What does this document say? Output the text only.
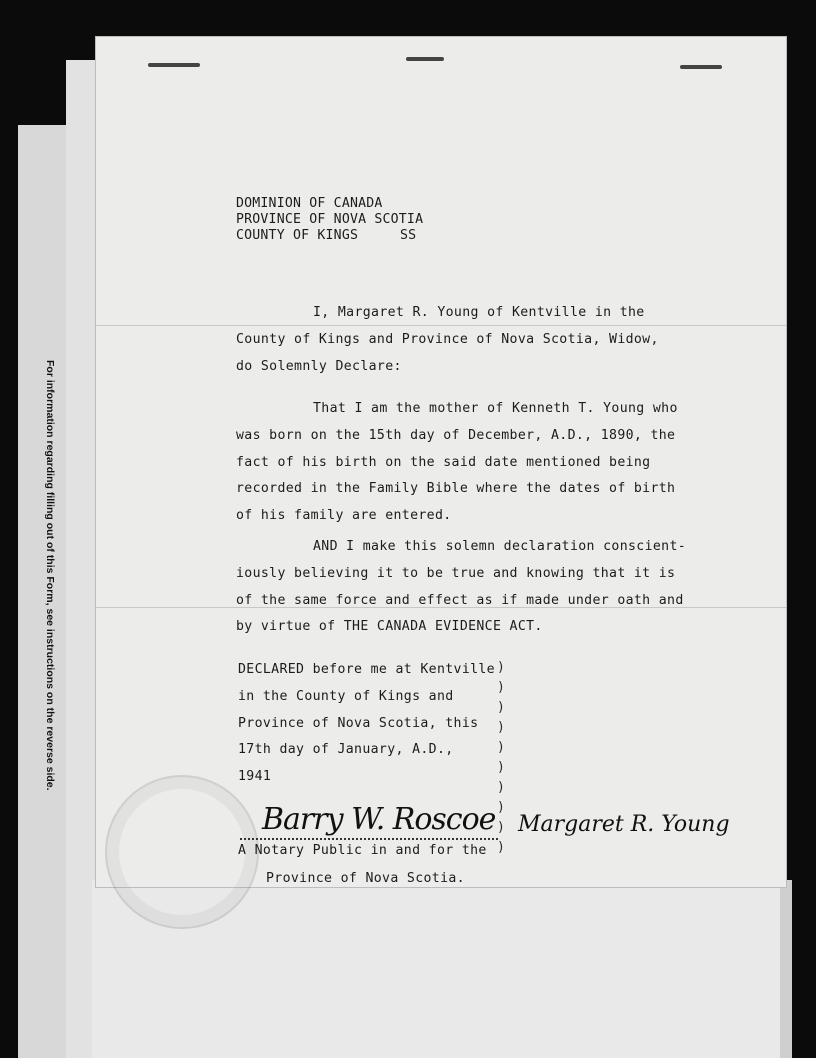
For information regarding filling out of this Form, see instructions on the reverse side.
DOMINION OF CANADA
PROVINCE OF NOVA SCOTIA
COUNTY OF KINGS	SS
I, Margaret R. Young of Kentville in the
County of Kings and Province of Nova Scotia, Widow,
do Solemnly Declare:
That I am the mother of Kenneth T. Young who
was born on the 15th day of December, A.D., 1890, the
fact of his birth on the said date mentioned being
recorded in the Family Bible where the dates of birth
of his family are entered.
AND I make this solemn declaration conscient-
iously believing it to be true and knowing that it is
of the same force and effect as if made under oath and
by virtue of THE CANADA EVIDENCE ACT.
DECLARED before me at Kentville
in the County of Kings and
Province of Nova Scotia, this
17th day of January, A.D.,
1941
)
)
)
)
)
)
)
)
)
)
Barry W. Roscoe Margaret R. Young
A Notary Public in and for the
Province of Nova Scotia.
